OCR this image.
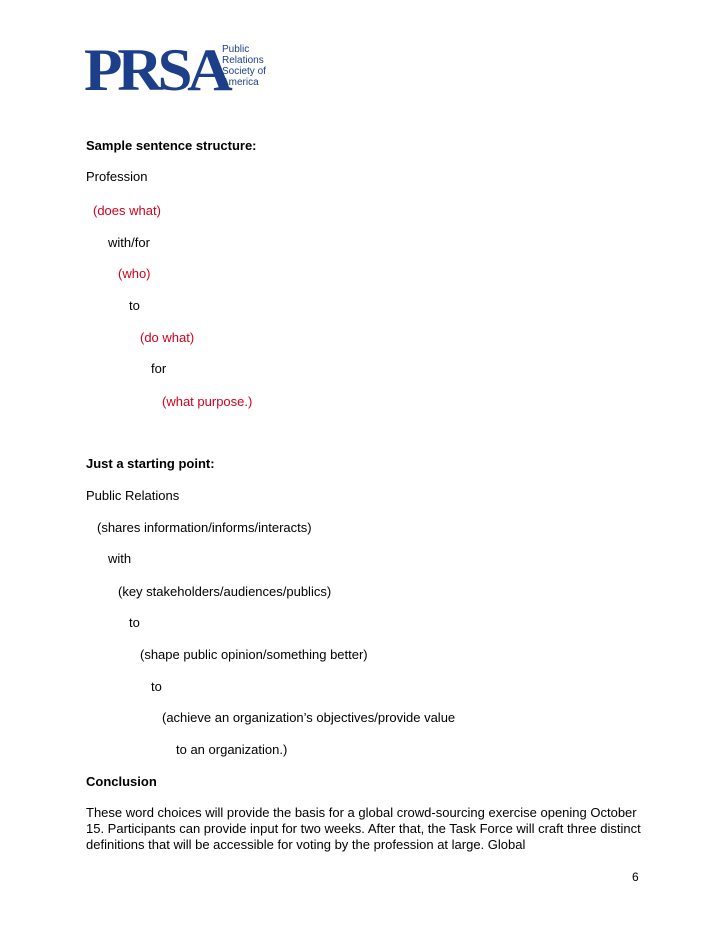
PRSA
Public
Relations
Society of
America
Sample sentence structure:
Profession
(does what)
with/for
(who)
to
(do what)
for
(what purpose.)
Just a starting point:
Public Relations
(shares information/informs/interacts)
with
(key stakeholders/audiences/publics)
to
(shape public opinion/something better)
to
(achieve an organization’s objectives/provide value
to an organization.)
Conclusion
These word choices will provide the basis for a global crowd-sourcing exercise opening October 15. Participants can provide input for two weeks. After that, the Task Force will craft three distinct definitions that will be accessible for voting by the profession at large. Global
6
